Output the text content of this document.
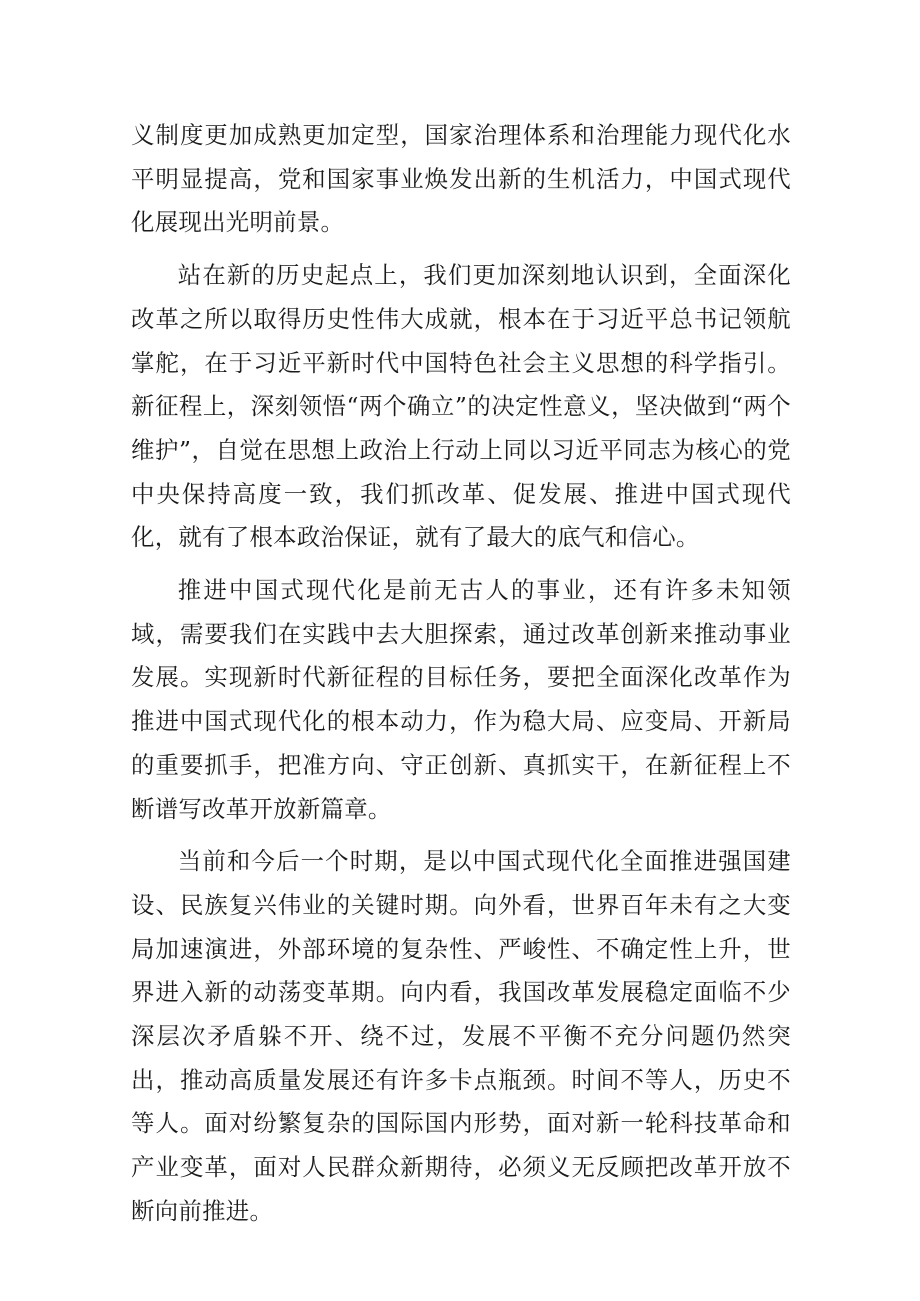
义制度更加成熟更加定型，国家治理体系和治理能力现代化水平明显提高，党和国家事业焕发出新的生机活力，中国式现代化展现出光明前景。

站在新的历史起点上，我们更加深刻地认识到，全面深化改革之所以取得历史性伟大成就，根本在于习近平总书记领航掌舵，在于习近平新时代中国特色社会主义思想的科学指引。新征程上，深刻领悟“两个确立”的决定性意义，坚决做到“两个维护”，自觉在思想上政治上行动上同以习近平同志为核心的党中央保持高度一致，我们抓改革、促发展、推进中国式现代化，就有了根本政治保证，就有了最大的底气和信心。

推进中国式现代化是前无古人的事业，还有许多未知领域，需要我们在实践中去大胆探索，通过改革创新来推动事业发展。实现新时代新征程的目标任务，要把全面深化改革作为推进中国式现代化的根本动力，作为稳大局、应变局、开新局的重要抓手，把准方向、守正创新、真抓实干，在新征程上不断谱写改革开放新篇章。

当前和今后一个时期，是以中国式现代化全面推进强国建设、民族复兴伟业的关键时期。向外看，世界百年未有之大变局加速演进，外部环境的复杂性、严峻性、不确定性上升，世界进入新的动荡变革期。向内看，我国改革发展稳定面临不少深层次矛盾躲不开、绕不过，发展不平衡不充分问题仍然突出，推动高质量发展还有许多卡点瓶颈。时间不等人，历史不等人。面对纷繁复杂的国际国内形势，面对新一轮科技革命和产业变革，面对人民群众新期待，必须义无反顾把改革开放不断向前推进。
